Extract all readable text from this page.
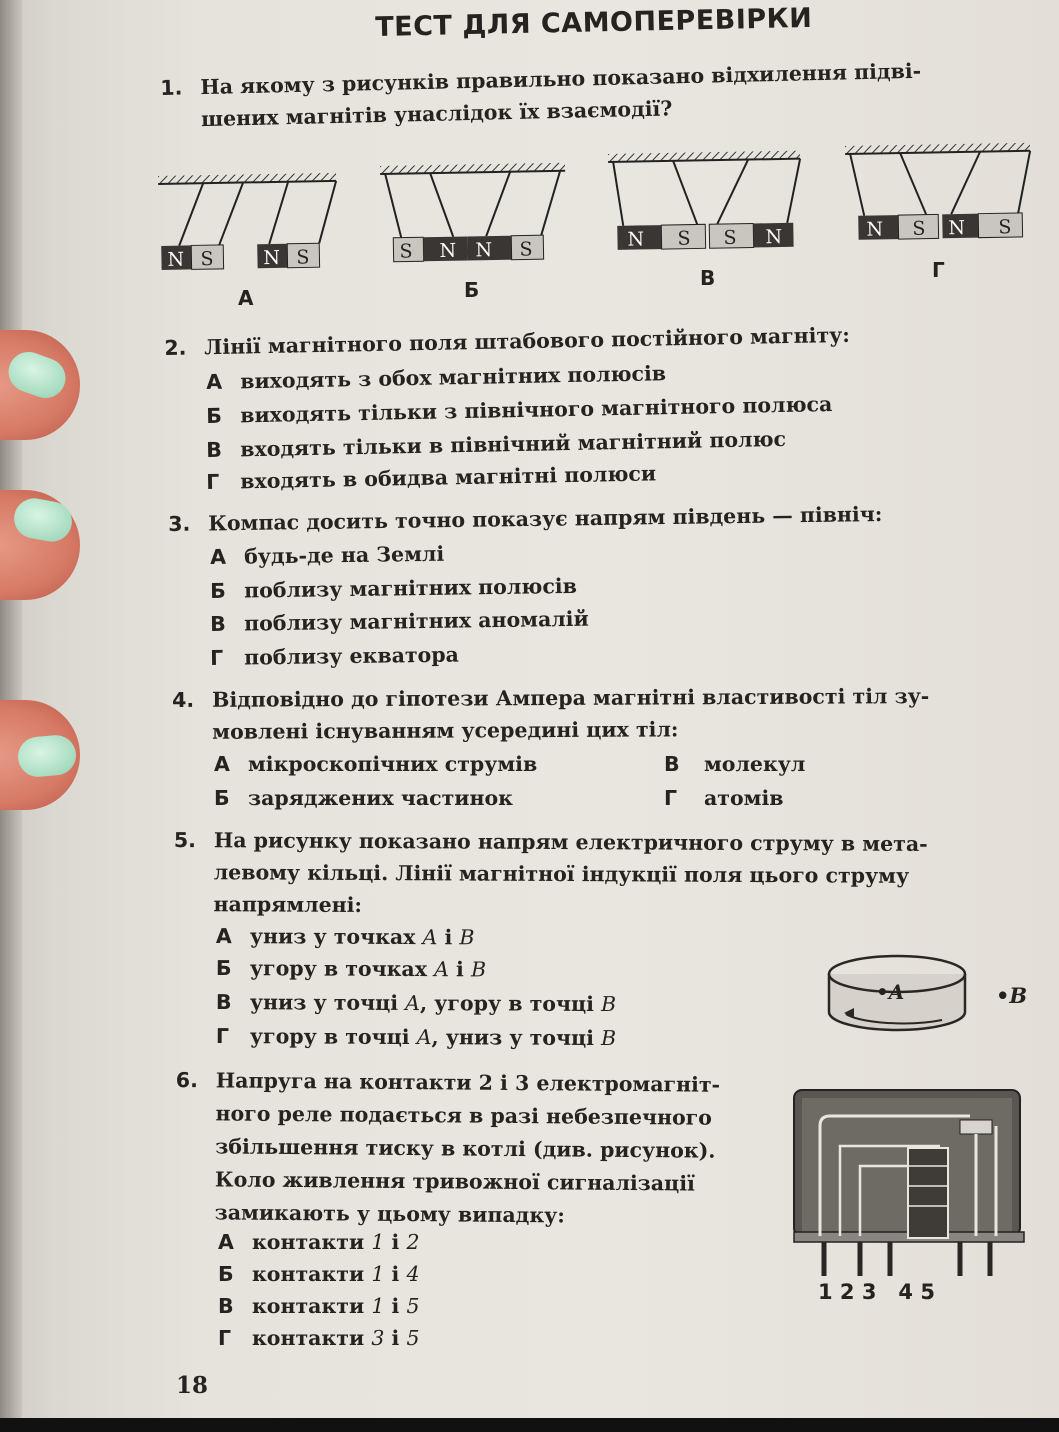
ТЕСТ ДЛЯ САМОПЕРЕВІРКИ
1. На якому з рисунків правильно показано відхилення підві-
шених магнітів унаслідок їх взаємодії?
N S	N S	S N N S	N S S N	N S N S
А	Б	В	Г
2. Лінії магнітного поля штабового постійного магніту:
А виходять з обох магнітних полюсів
Б виходять тільки з північного магнітного полюса
В входять тільки в північний магнітний полюс
Г входять в обидва магнітні полюси
3. Компас досить точно показує напрям південь — північ:
А будь-де на Землі
Б поблизу магнітних полюсів
В поблизу магнітних аномалій
Г поблизу екватора
4. Відповідно до гіпотези Ампера магнітні властивості тіл зу-
мовлені існуванням усередині цих тіл:
А мікроскопічних струмів
Б заряджених частинок
В молекул
Г атомів
5. На рисунку показано напрям електричного струму в мета-
левому кільці. Лінії магнітної індукції поля цього струму
напрямлені:
А униз у точках A і B
Б угору в точках A і B
В униз у точці A, угору в точці B
Г угору в точці A, униз у точці B
•A	•B
6. Напруга на контакти 2 і 3 електромагніт-
ного реле подається в разі небезпечного
збільшення тиску в котлі (див. рисунок).
Коло живлення тривожної сигналізації
замикають у цьому випадку:
А контакти 1 і 2
Б контакти 1 і 4
В контакти 1 і 5
Г контакти 3 і 5
1 2 3   4 5
18
